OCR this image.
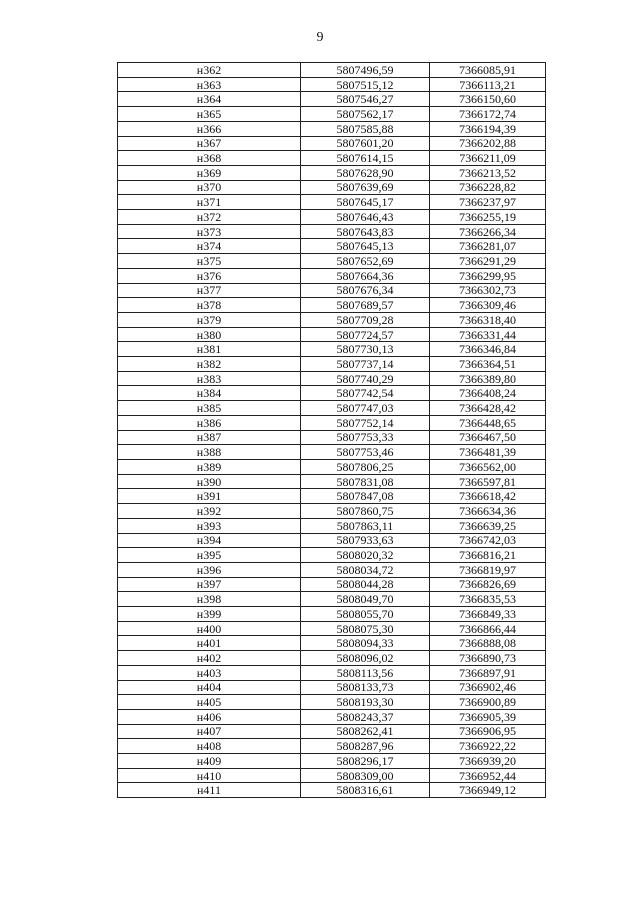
9
н362	5807496,59	7366085,91
н363	5807515,12	7366113,21
н364	5807546,27	7366150,60
н365	5807562,17	7366172,74
н366	5807585,88	7366194,39
н367	5807601,20	7366202,88
н368	5807614,15	7366211,09
н369	5807628,90	7366213,52
н370	5807639,69	7366228,82
н371	5807645,17	7366237,97
н372	5807646,43	7366255,19
н373	5807643,83	7366266,34
н374	5807645,13	7366281,07
н375	5807652,69	7366291,29
н376	5807664,36	7366299,95
н377	5807676,34	7366302,73
н378	5807689,57	7366309,46
н379	5807709,28	7366318,40
н380	5807724,57	7366331,44
н381	5807730,13	7366346,84
н382	5807737,14	7366364,51
н383	5807740,29	7366389,80
н384	5807742,54	7366408,24
н385	5807747,03	7366428,42
н386	5807752,14	7366448,65
н387	5807753,33	7366467,50
н388	5807753,46	7366481,39
н389	5807806,25	7366562,00
н390	5807831,08	7366597,81
н391	5807847,08	7366618,42
н392	5807860,75	7366634,36
н393	5807863,11	7366639,25
н394	5807933,63	7366742,03
н395	5808020,32	7366816,21
н396	5808034,72	7366819,97
н397	5808044,28	7366826,69
н398	5808049,70	7366835,53
н399	5808055,70	7366849,33
н400	5808075,30	7366866,44
н401	5808094,33	7366888,08
н402	5808096,02	7366890,73
н403	5808113,56	7366897,91
н404	5808133,73	7366902,46
н405	5808193,30	7366900,89
н406	5808243,37	7366905,39
н407	5808262,41	7366906,95
н408	5808287,96	7366922,22
н409	5808296,17	7366939,20
н410	5808309,00	7366952,44
н411	5808316,61	7366949,12
